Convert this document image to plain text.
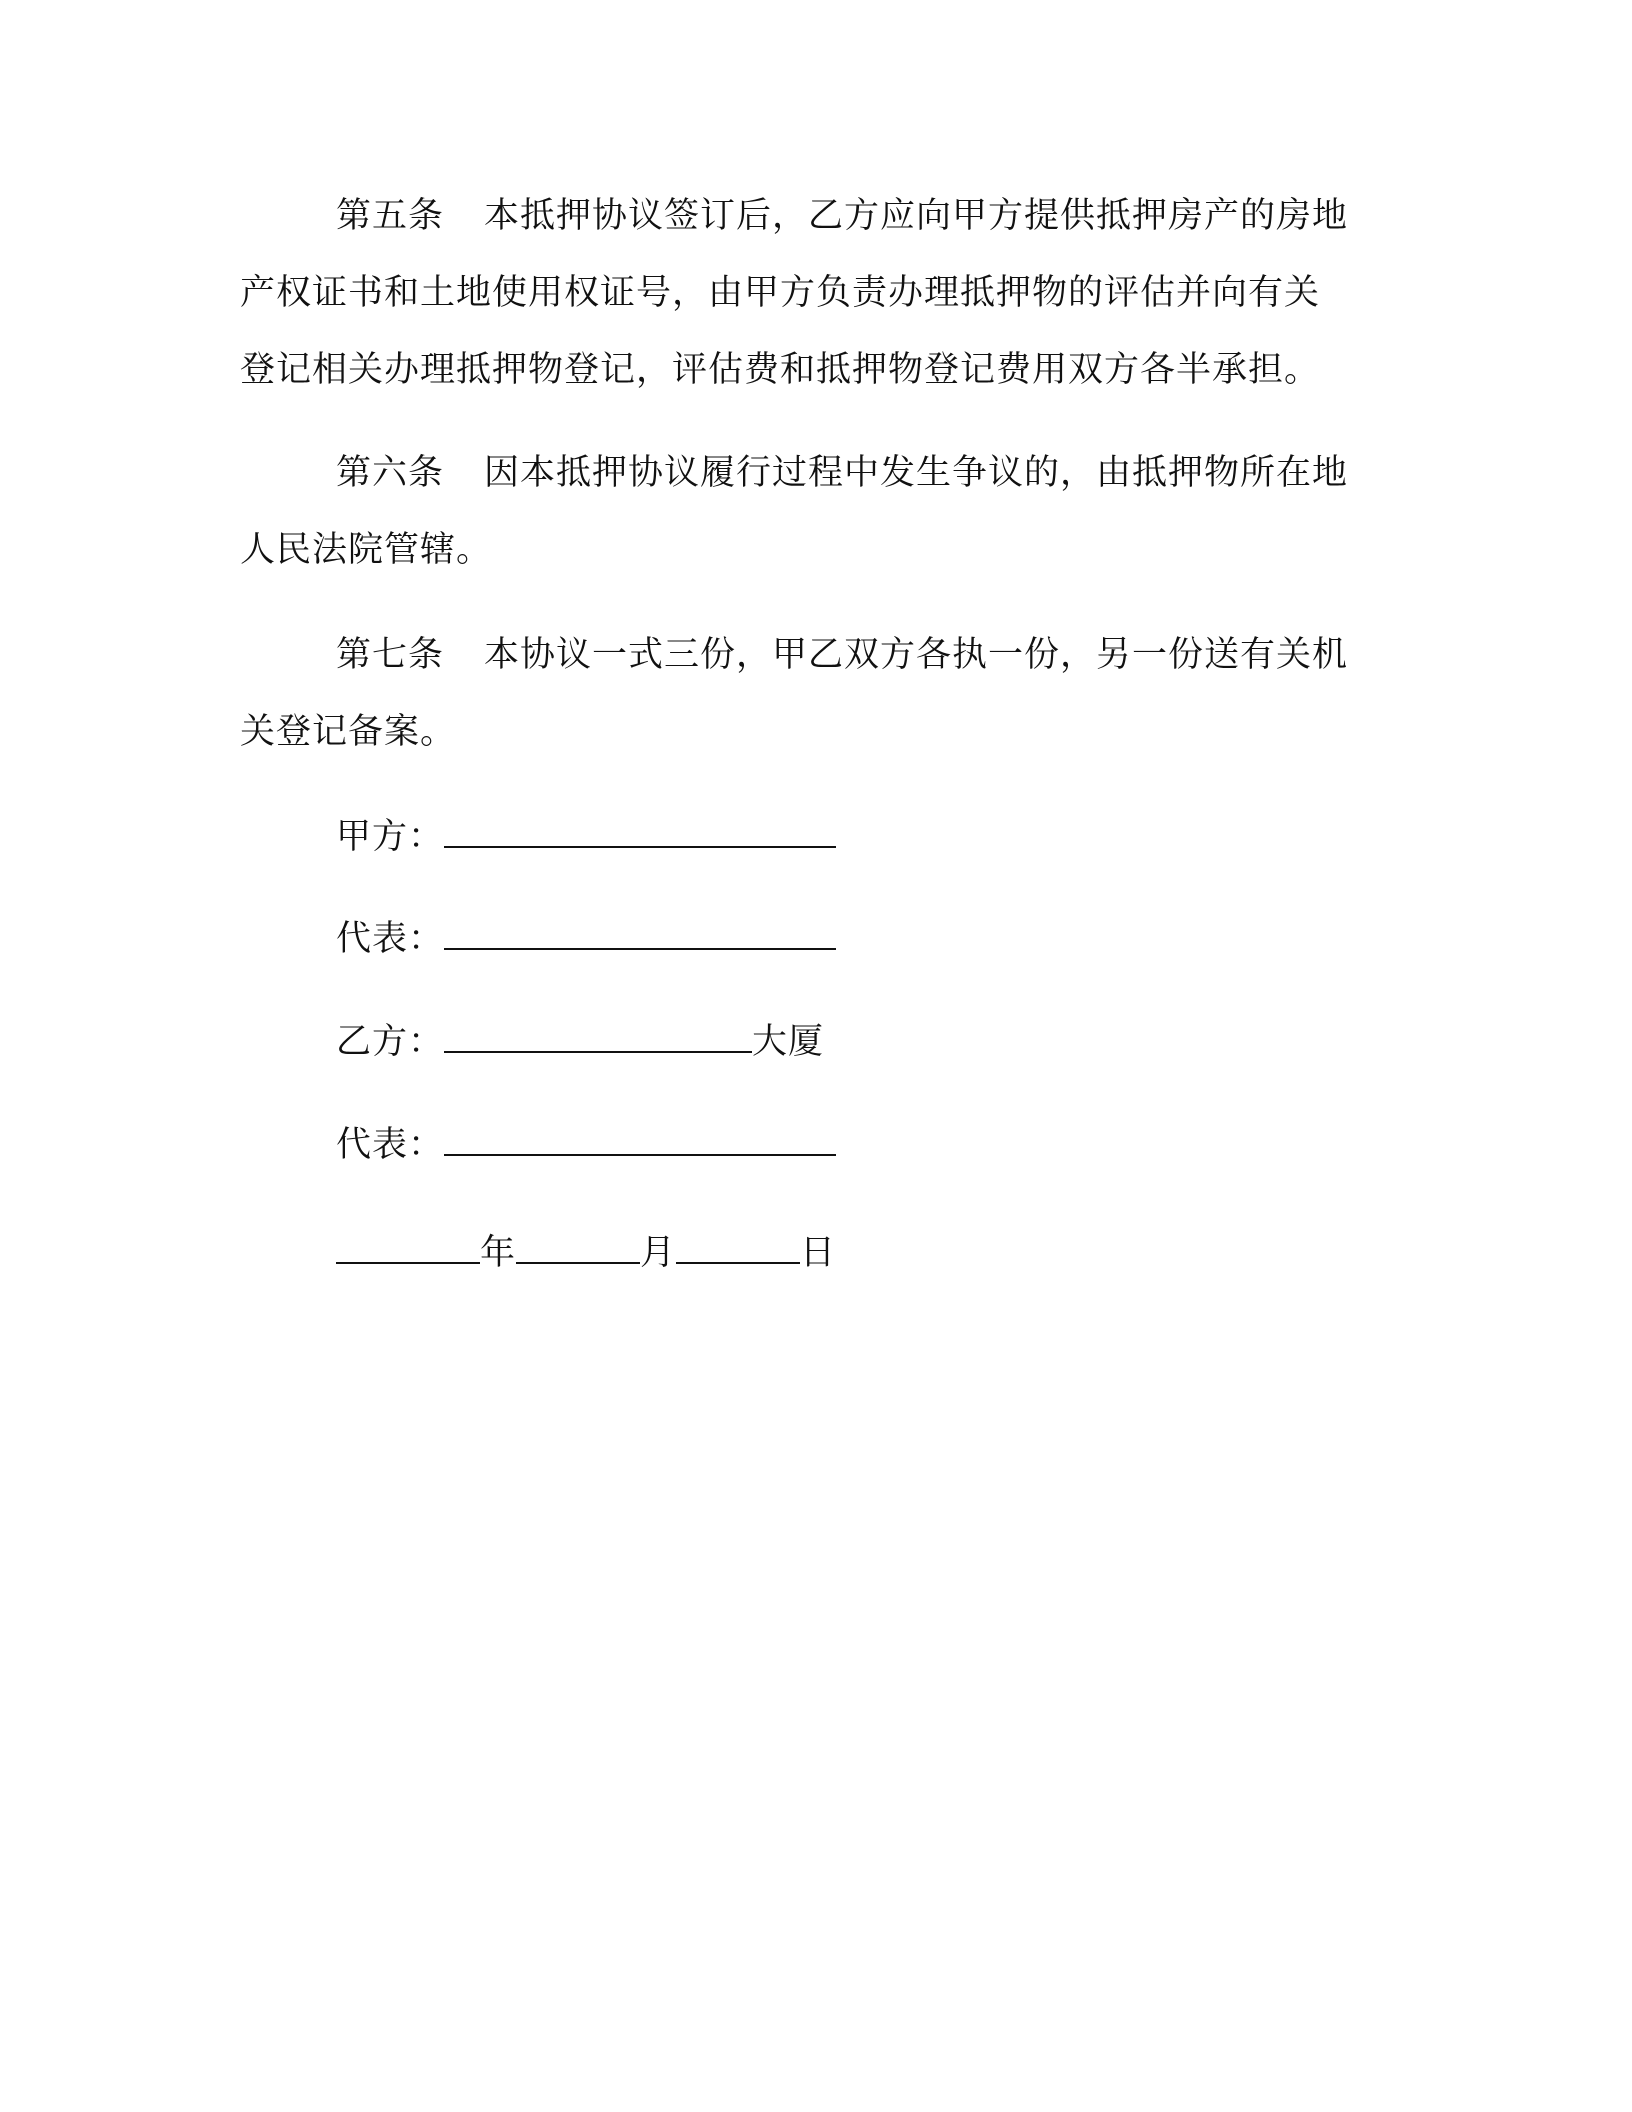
第五条 本抵押协议签订后，乙方应向甲方提供抵押房产的房地
产权证书和土地使用权证号，由甲方负责办理抵押物的评估并向有关
登记相关办理抵押物登记，评估费和抵押物登记费用双方各半承担。
第六条 因本抵押协议履行过程中发生争议的，由抵押物所在地
人民法院管辖。
第七条 本协议一式三份，甲乙双方各执一份，另一份送有关机
关登记备案。
甲方：
代表：
乙方：	大厦
代表：
年	月	日
